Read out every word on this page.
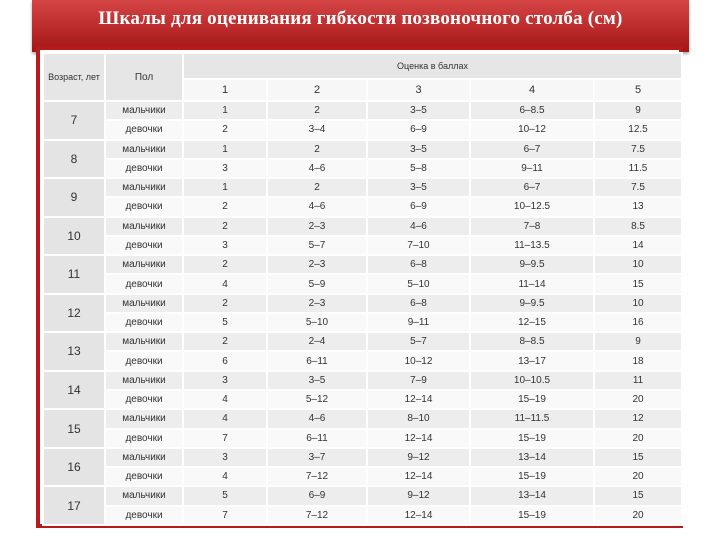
Шкалы для оценивания гибкости позвоночного столба (см)
Возраст, лет	Пол	Оценка в баллах				
		1	2	3	4	5
7	мальчики	1	2	3–5	6–8.5	9
	девочки	2	3–4	6–9	10–12	12.5
8	мальчики	1	2	3–5	6–7	7.5
	девочки	3	4–6	5–8	9–11	11.5
9	мальчики	1	2	3–5	6–7	7.5
	девочки	2	4–6	6–9	10–12.5	13
10	мальчики	2	2–3	4–6	7–8	8.5
	девочки	3	5–7	7–10	11–13.5	14
11	мальчики	2	2–3	6–8	9–9.5	10
	девочки	4	5–9	5–10	11–14	15
12	мальчики	2	2–3	6–8	9–9.5	10
	девочки	5	5–10	9–11	12–15	16
13	мальчики	2	2–4	5–7	8–8.5	9
	девочки	6	6–11	10–12	13–17	18
14	мальчики	3	3–5	7–9	10–10.5	11
	девочки	4	5–12	12–14	15–19	20
15	мальчики	4	4–6	8–10	11–11.5	12
	девочки	7	6–11	12–14	15–19	20
16	мальчики	3	3–7	9–12	13–14	15
	девочки	4	7–12	12–14	15–19	20
17	мальчики	5	6–9	9–12	13–14	15
	девочки	7	7–12	12–14	15–19	20
